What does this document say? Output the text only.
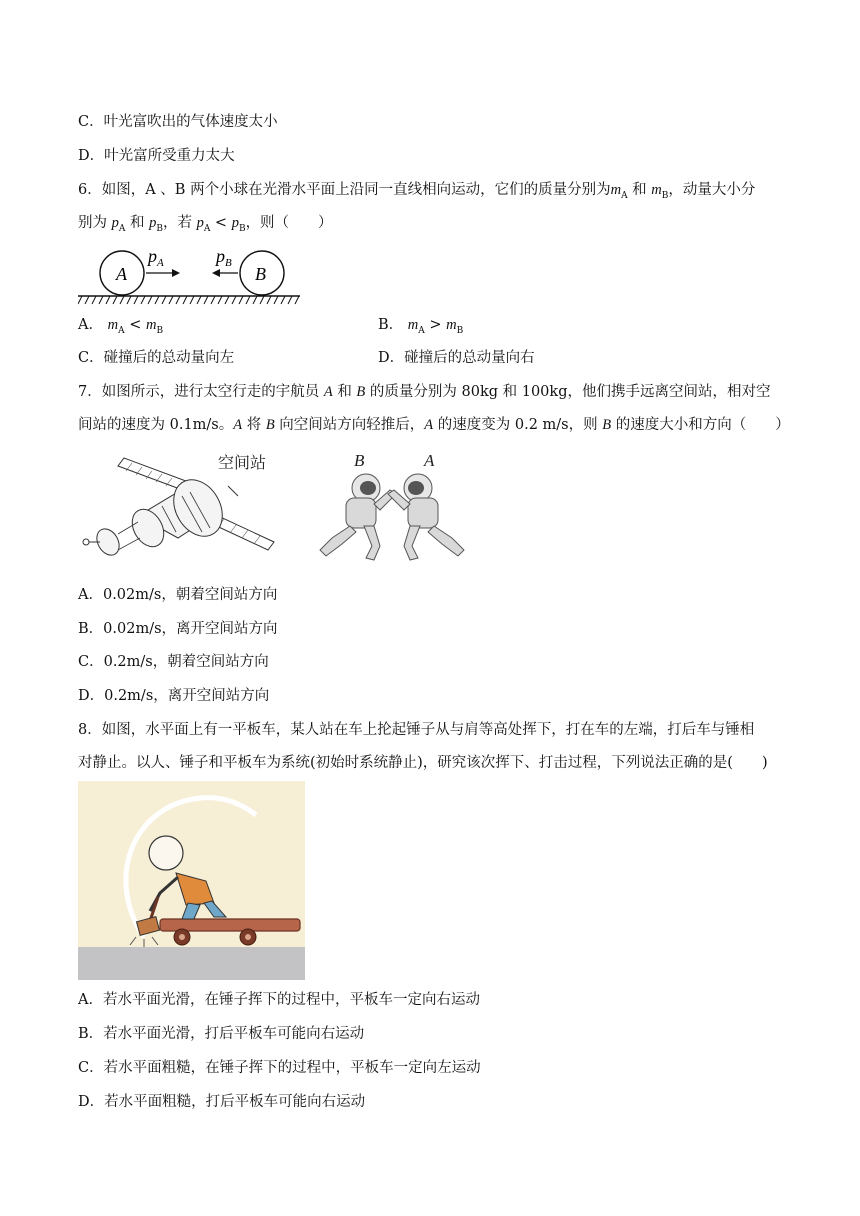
C．叶光富吹出的气体速度太小
D．叶光富所受重力太大
6．如图，A 、B 两个小球在光滑水平面上沿同一直线相向运动，它们的质量分别为$m_A$ 和 $m_B$，动量大小分
别为 $p_A$ 和 $p_B$，若 $p_A < p_B$，则（　　）
A	B
$p_A$	$p_B$
A． $m_A < m_B$	B． $m_A > m_B$
C．碰撞后的总动量向左	D．碰撞后的总动量向右
7．如图所示，进行太空行走的宇航员 A 和 B 的质量分别为 80kg 和 100kg，他们携手远离空间站，相对空
间站的速度为 0.1m/s。A 将 B 向空间站方向轻推后，A 的速度变为 0.2 m/s，则 B 的速度大小和方向（　　）
空间站	B	A
A．0.02m/s，朝着空间站方向
B．0.02m/s，离开空间站方向
C．0.2m/s，朝着空间站方向
D．0.2m/s，离开空间站方向
8．如图，水平面上有一平板车，某人站在车上抡起锤子从与肩等高处挥下，打在车的左端，打后车与锤相
对静止。以人、锤子和平板车为系统(初始时系统静止)，研究该次挥下、打击过程，下列说法正确的是(　　)
A．若水平面光滑，在锤子挥下的过程中，平板车一定向右运动
B．若水平面光滑，打后平板车可能向右运动
C．若水平面粗糙，在锤子挥下的过程中，平板车一定向左运动
D．若水平面粗糙，打后平板车可能向右运动
